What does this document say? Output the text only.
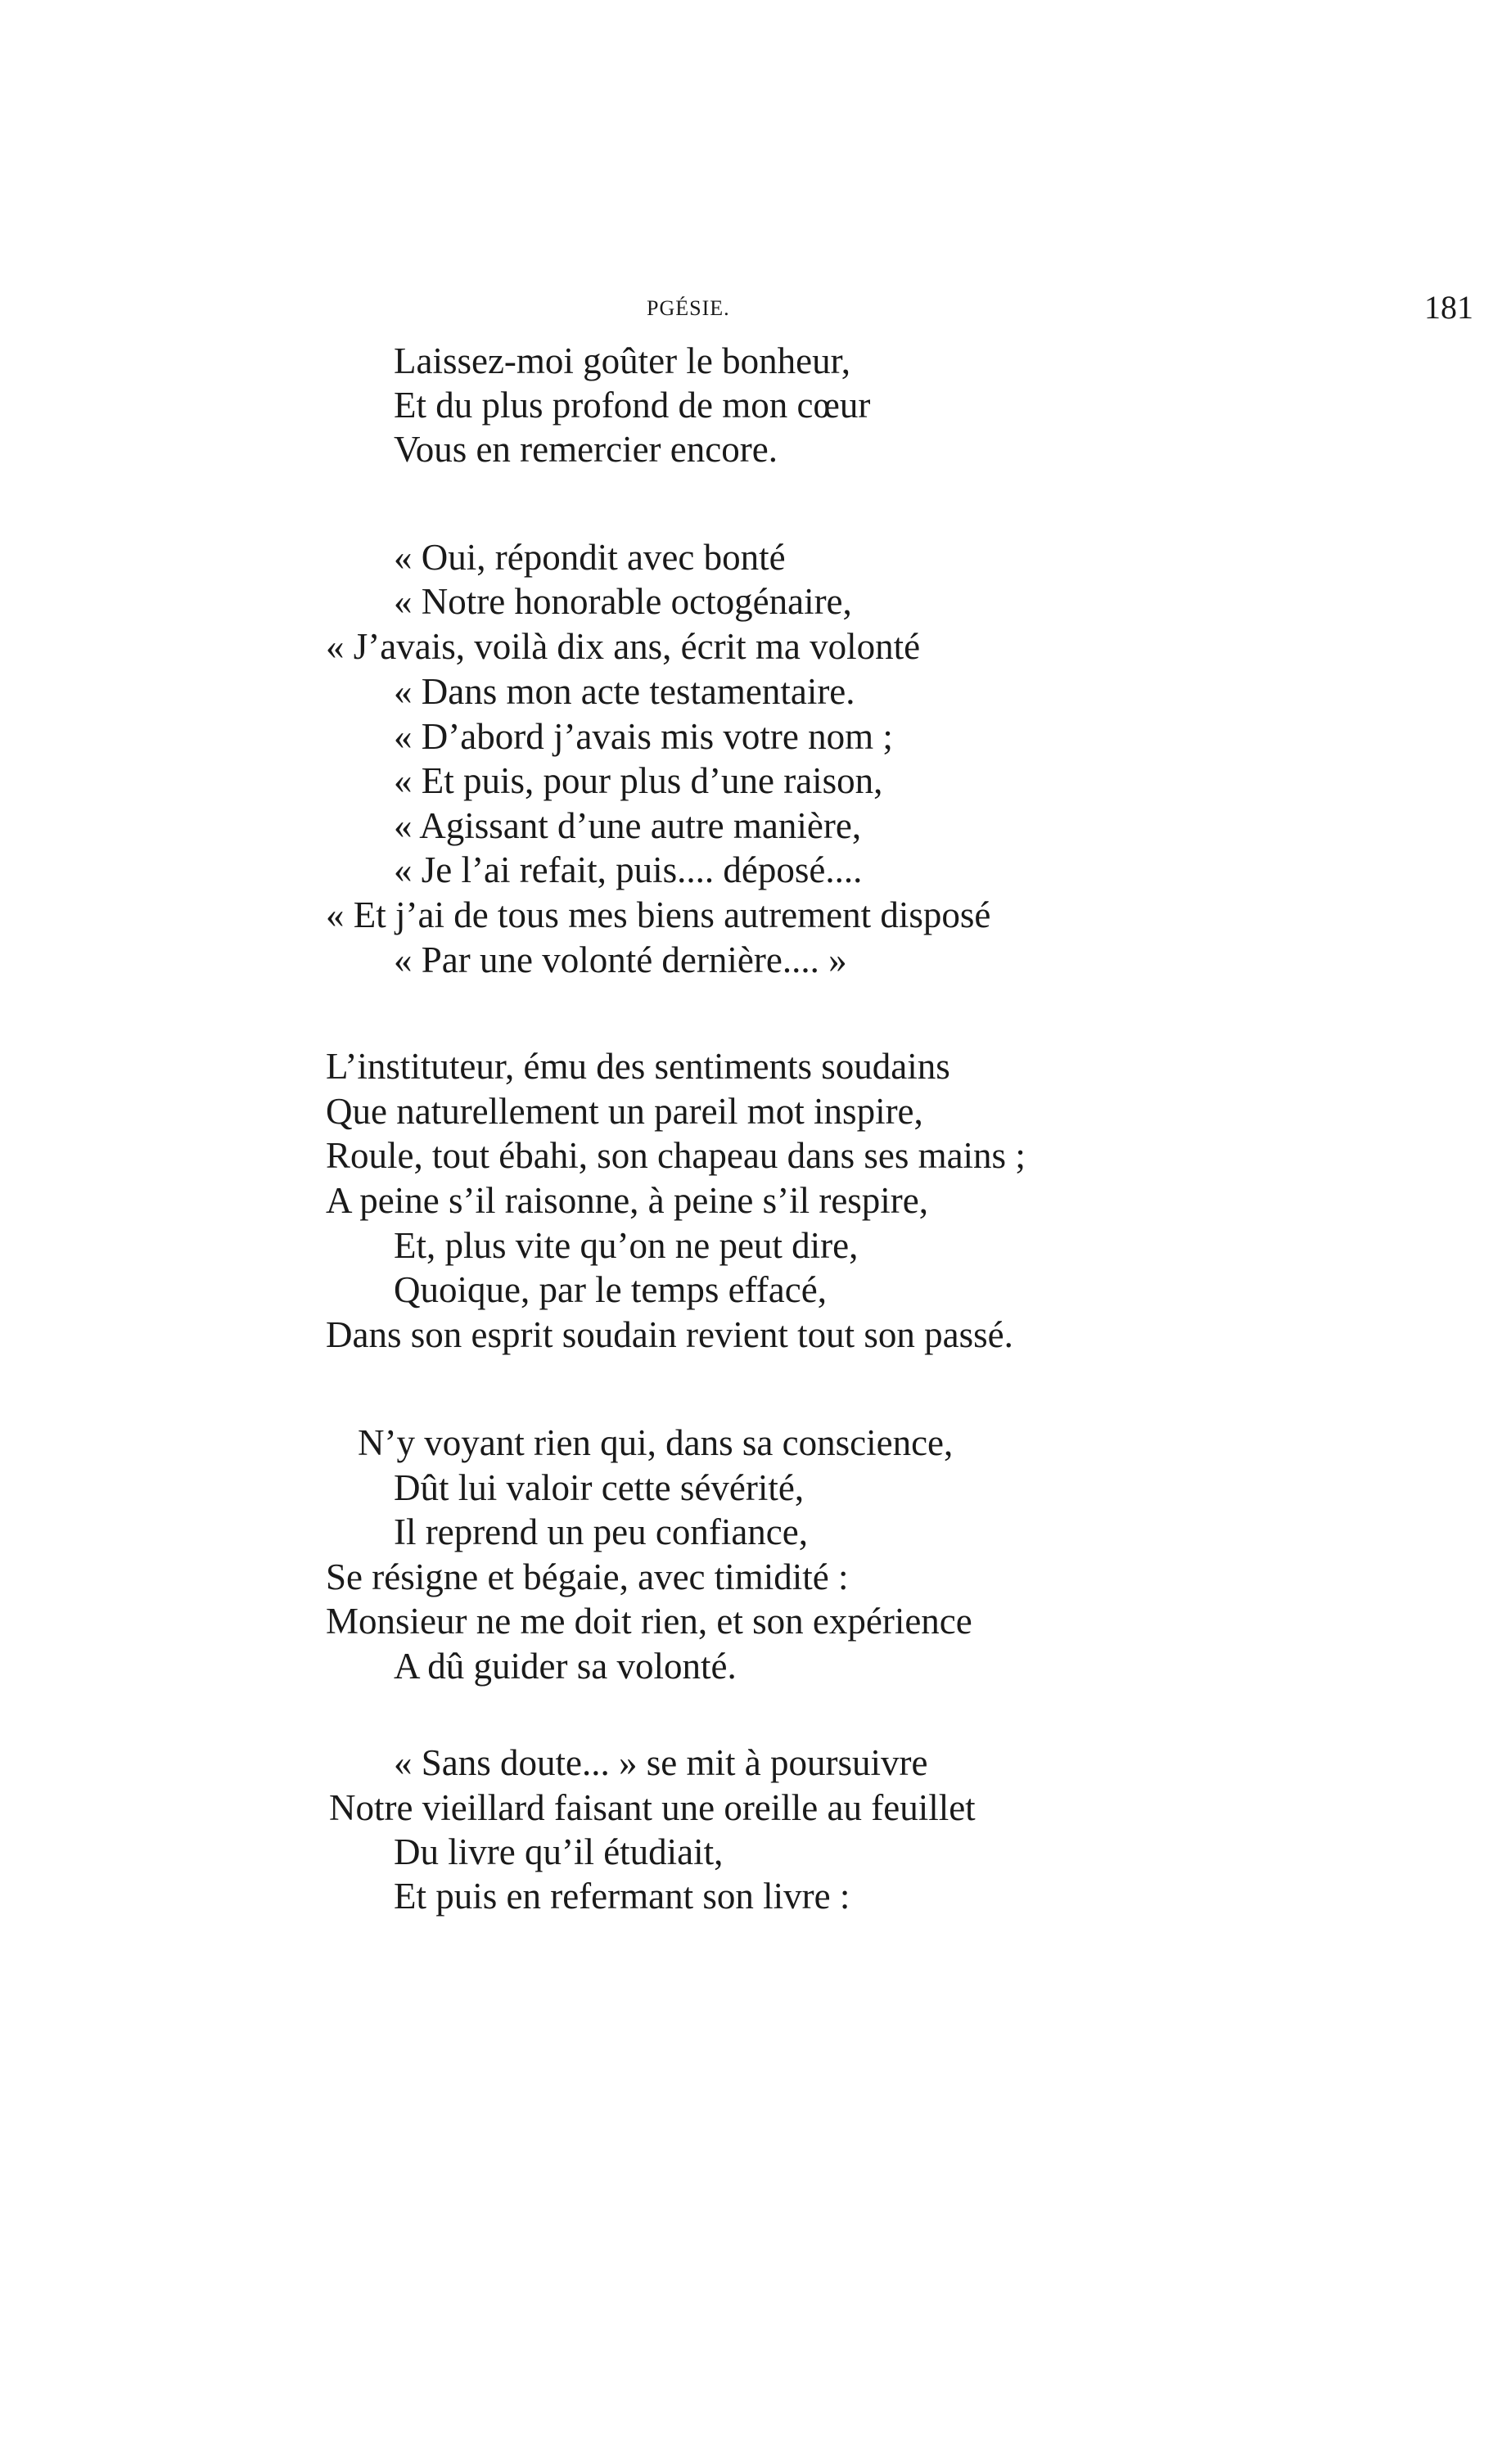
PGÉSIE.	181
Laissez-moi goûter le bonheur,
Et du plus profond de mon cœur
Vous en remercier encore.
« Oui, répondit avec bonté
« Notre honorable octogénaire,
« J’avais, voilà dix ans, écrit ma volonté
« Dans mon acte testamentaire.
« D’abord j’avais mis votre nom ;
« Et puis, pour plus d’une raison,
« Agissant d’une autre manière,
« Je l’ai refait, puis.... déposé....
« Et j’ai de tous mes biens autrement disposé
« Par une volonté dernière.... »
L’instituteur, ému des sentiments soudains
Que naturellement un pareil mot inspire,
Roule, tout ébahi, son chapeau dans ses mains ;
A peine s’il raisonne, à peine s’il respire,
Et, plus vite qu’on ne peut dire,
Quoique, par le temps effacé,
Dans son esprit soudain revient tout son passé.
N’y voyant rien qui, dans sa conscience,
Dût lui valoir cette sévérité,
Il reprend un peu confiance,
Se résigne et bégaie, avec timidité :
Monsieur ne me doit rien, et son expérience
A dû guider sa volonté.
« Sans doute... » se mit à poursuivre
Notre vieillard faisant une oreille au feuillet
Du livre qu’il étudiait,
Et puis en refermant son livre :
